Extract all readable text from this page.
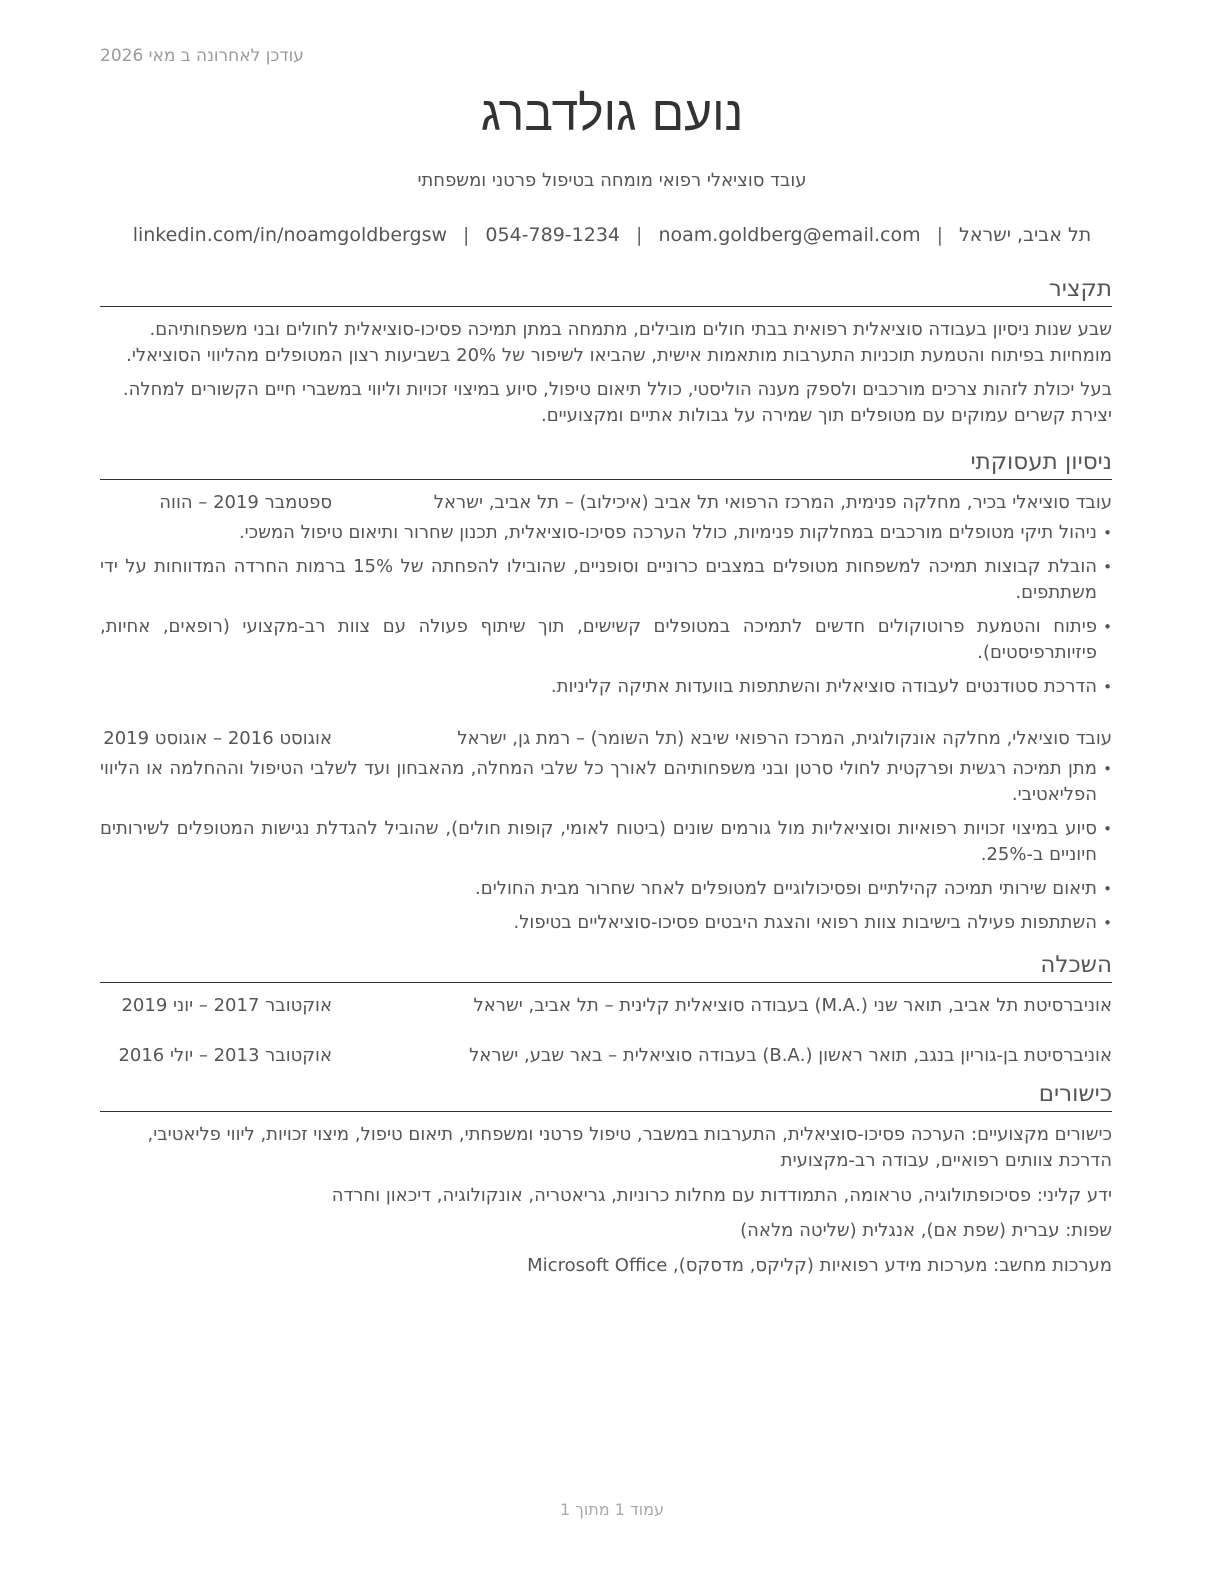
עודכן לאחרונה ב מאי 2026
נועם גולדברג
עובד סוציאלי רפואי מומחה בטיפול פרטני ומשפחתי
תל אביב, ישראל|noam.goldberg@email.com|054-789-1234|linkedin.com/in/noamgoldbergsw
תקציר

שבע שנות ניסיון בעבודה סוציאלית רפואית בבתי חולים מובילים, מתמחה במתן תמיכה פסיכו-סוציאלית לחולים ובני משפחותיהם. מומחיות בפיתוח והטמעת תוכניות התערבות מותאמות אישית, שהביאו לשיפור של 20% בשביעות רצון המטופלים מהליווי הסוציאלי.

בעל יכולת לזהות צרכים מורכבים ולספק מענה הוליסטי, כולל תיאום טיפול, סיוע במיצוי זכויות וליווי במשברי חיים הקשורים למחלה. יצירת קשרים עמוקים עם מטופלים תוך שמירה על גבולות אתיים ומקצועיים.

ניסיון תעסוקתי
עובד סוציאלי בכיר, מחלקה פנימית, המרכז הרפואי תל אביב (איכילוב) – תל אביב, ישראל
ספטמבר 2019 – הווה
• ניהול תיקי מטופלים מורכבים במחלקות פנימיות, כולל הערכה פסיכו-סוציאלית, תכנון שחרור ותיאום טיפול המשכי.
• הובלת קבוצות תמיכה למשפחות מטופלים במצבים כרוניים וסופניים, שהובילו להפחתה של 15% ברמות החרדה המדווחות על ידי משתתפים.
• פיתוח והטמעת פרוטוקולים חדשים לתמיכה במטופלים קשישים, תוך שיתוף פעולה עם צוות רב-מקצועי (רופאים, אחיות, פיזיותרפיסטים).
• הדרכת סטודנטים לעבודה סוציאלית והשתתפות בוועדות אתיקה קליניות.
עובד סוציאלי, מחלקה אונקולוגית, המרכז הרפואי שיבא (תל השומר) – רמת גן, ישראל
אוגוסט 2016 – אוגוסט 2019
• מתן תמיכה רגשית ופרקטית לחולי סרטן ובני משפחותיהם לאורך כל שלבי המחלה, מהאבחון ועד לשלבי הטיפול וההחלמה או הליווי הפליאטיבי.
• סיוע במיצוי זכויות רפואיות וסוציאליות מול גורמים שונים (ביטוח לאומי, קופות חולים), שהוביל להגדלת נגישות המטופלים לשירותים חיוניים ב-25%.
• תיאום שירותי תמיכה קהילתיים ופסיכולוגיים למטופלים לאחר שחרור מבית החולים.
• השתתפות פעילה בישיבות צוות רפואי והצגת היבטים פסיכו-סוציאליים בטיפול.
השכלה
אוניברסיטת תל אביב, תואר שני (.M.A) בעבודה סוציאלית קלינית – תל אביב, ישראל
אוקטובר 2017 – יוני 2019
אוניברסיטת בן-גוריון בנגב, תואר ראשון (.B.A) בעבודה סוציאלית – באר שבע, ישראל
אוקטובר 2013 – יולי 2016
כישורים

כישורים מקצועיים: הערכה פסיכו-סוציאלית, התערבות במשבר, טיפול פרטני ומשפחתי, תיאום טיפול, מיצוי זכויות, ליווי פליאטיבי, הדרכת צוותים רפואיים, עבודה רב-מקצועית

ידע קליני: פסיכופתולוגיה, טראומה, התמודדות עם מחלות כרוניות, גריאטריה, אונקולוגיה, דיכאון וחרדה

שפות: עברית (שפת אם), אנגלית (שליטה מלאה)

מערכות מחשב: מערכות מידע רפואיות (קליקס, מדסקס), Microsoft Office

עמוד 1 מתוך 1
